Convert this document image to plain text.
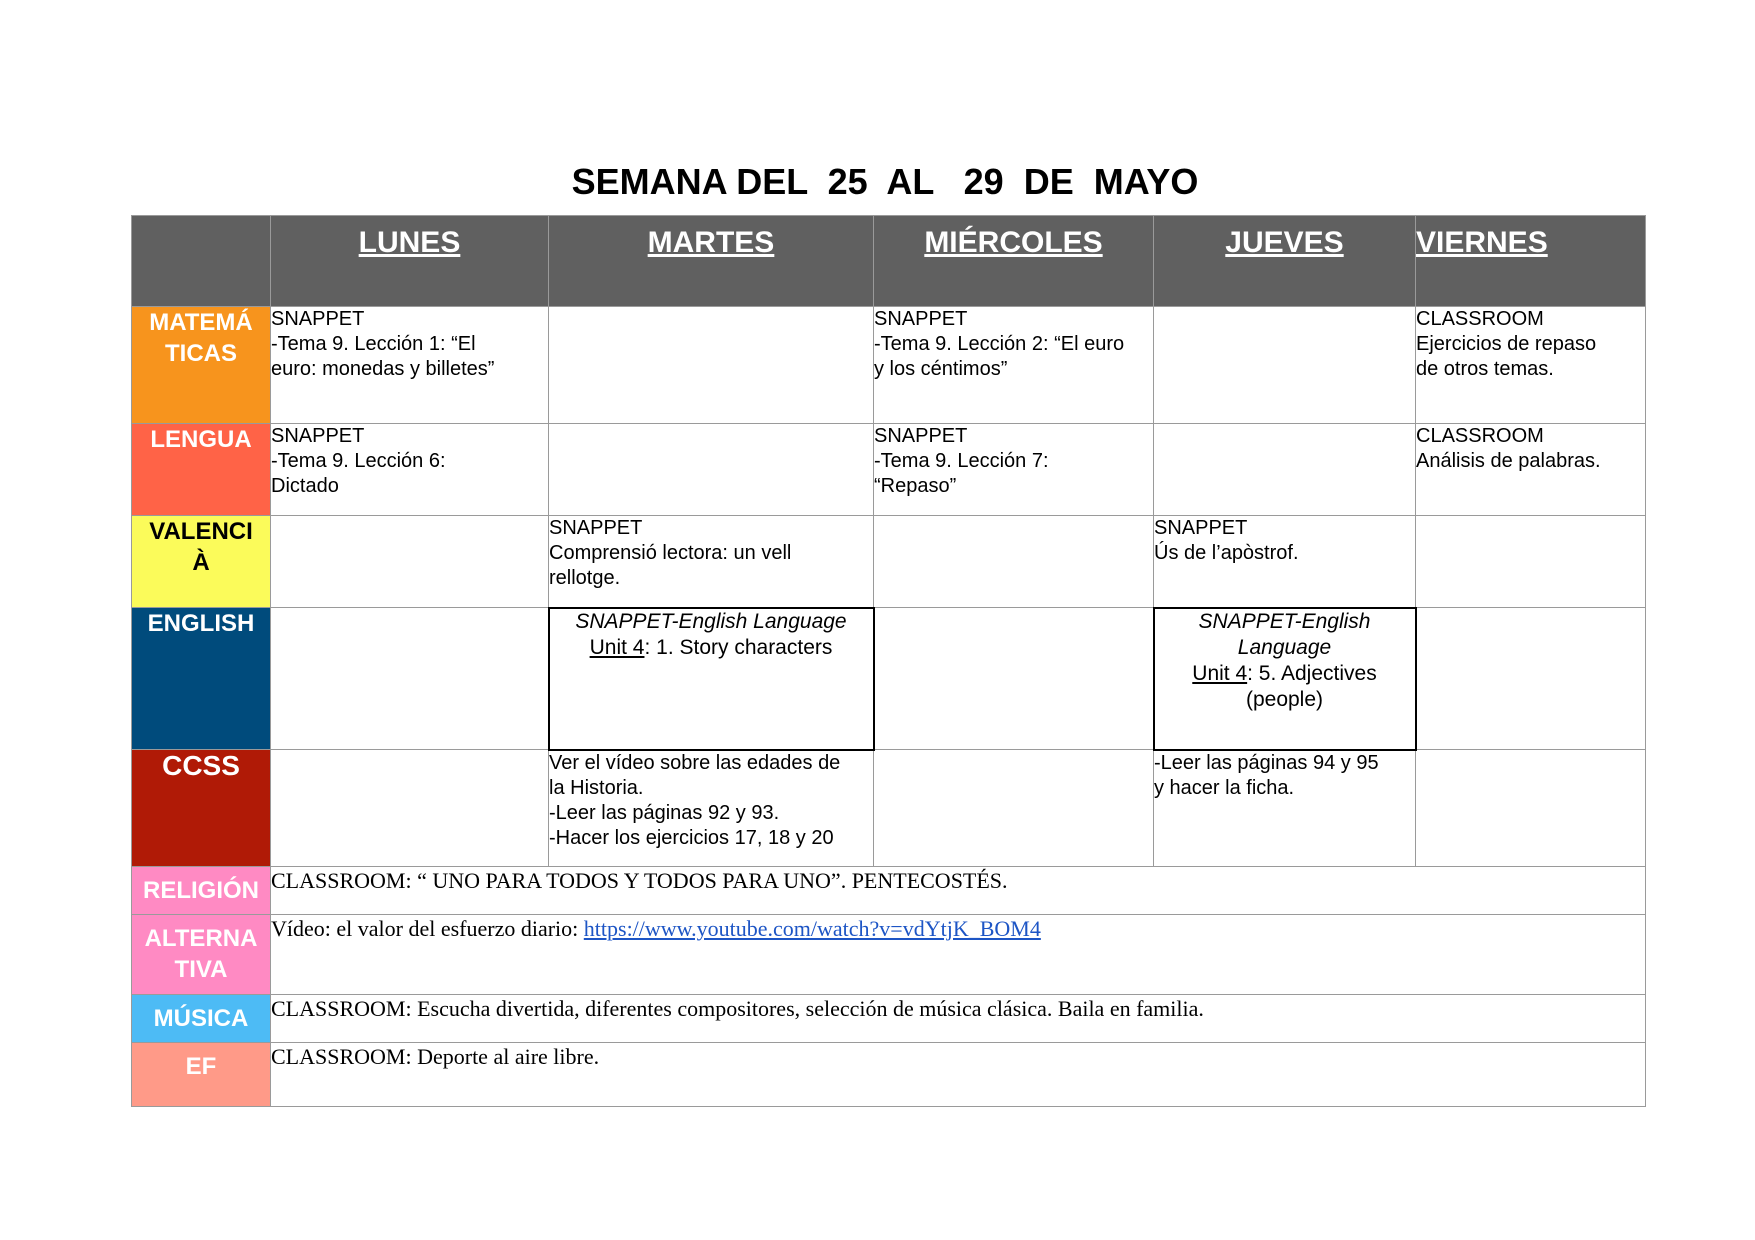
SEMANA DEL  25  AL   29  DE  MAYO
	LUNES	MARTES	MIÉRCOLES	JUEVES	VIERNES

MATEMÁ
TICAS	SNAPPET
-Tema 9. Lección 1: “El
euro: monedas y billetes”		SNAPPET
-Tema 9. Lección 2: “El euro
y los céntimos”		CLASSROOM
Ejercicios de repaso
de otros temas.

LENGUA	SNAPPET
-Tema 9. Lección 6:
Dictado		SNAPPET
-Tema 9. Lección 7:
“Repaso”		CLASSROOM
Análisis de palabras.

VALENCI
À		SNAPPET
Comprensió lectora: un vell
rellotge.		SNAPPET
Ús de l’apòstrof.	

ENGLISH		SNAPPET-English Language
Unit 4: 1. Story characters		SNAPPET-English
Language
Unit 4: 5. Adjectives
(people)	

CCSS		Ver el vídeo sobre las edades de
la Historia.
-Leer las páginas 92 y 93.
-Hacer los ejercicios 17, 18 y 20		-Leer las páginas 94 y 95
y hacer la ficha.	

RELIGIÓN	CLASSROOM: “ UNO PARA TODOS Y TODOS PARA UNO”. PENTECOSTÉS.				

ALTERNA
TIVA	Vídeo: el valor del esfuerzo diario: https://www.youtube.com/watch?v=vdYtjK_BOM4				
MÚSICA	CLASSROOM: Escucha divertida, diferentes compositores, selección de música clásica. Baila en familia.				
EF	CLASSROOM: Deporte al aire libre.				
